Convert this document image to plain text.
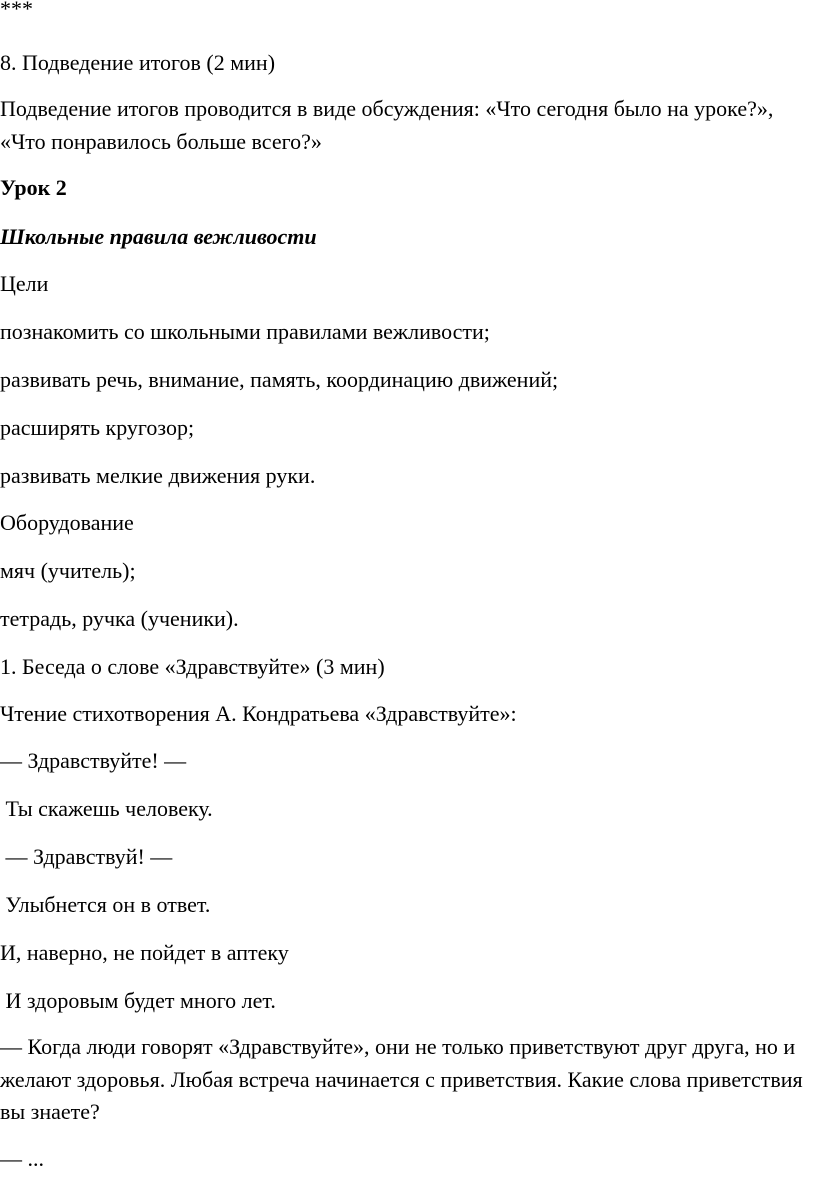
***

8. Подведение итогов (2 мин)

Подведение итогов проводится в виде обсуждения: «Что сегодня было на уроке?», «Что понравилось больше всего?»

Урок 2

Школьные правила вежливости

Цели

познакомить со школьными правилами вежливости;

развивать речь, внимание, память, координацию движений;

расширять кругозор;

развивать мелкие движения руки.

Оборудование

мяч (учитель);

тетрадь, ручка (ученики).

1. Беседа о слове «Здравствуйте» (3 мин)

Чтение стихотворения А. Кондратьева «Здравствуйте»:

— Здравствуйте! —

Ты скажешь человеку.

— Здравствуй! —

Улыбнется он в ответ.

И, наверно, не пойдет в аптеку

И здоровым будет много лет.

— Когда люди говорят «Здравствуйте», они не только приветствуют друг друга, но и желают здоровья. Любая встреча начинается с приветствия. Какие слова приветствия вы знаете?

— ...
